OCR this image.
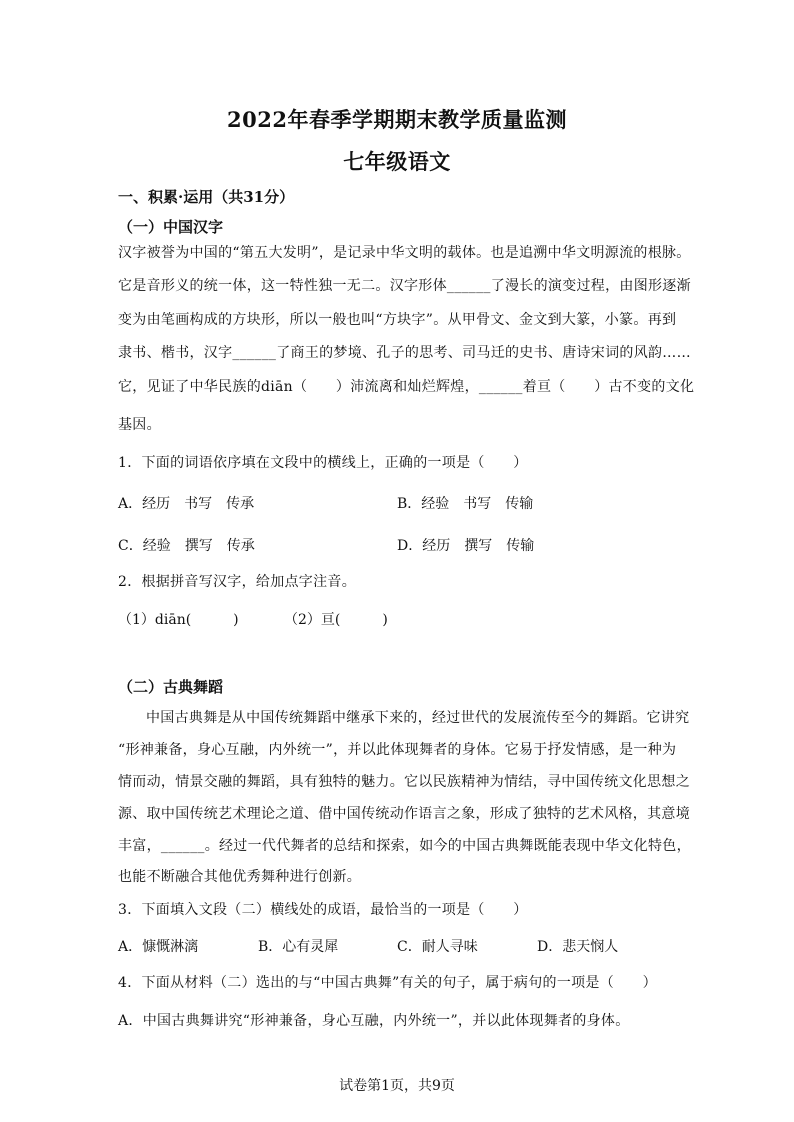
2022年春季学期期末教学质量监测
七年级语文
一、积累·运用（共31分）
（一）中国汉字
汉字被誉为中国的“第五大发明”，是记录中华文明的载体。也是追溯中华文明源流的根脉。
它是音形义的统一体，这一特性独一无二。汉字形体______了漫长的演变过程，由图形逐渐
变为由笔画构成的方块形，所以一般也叫“方块字”。从甲骨文、金文到大篆，小篆。再到
隶书、楷书，汉字______了商王的梦境、孔子的思考、司马迁的史书、唐诗宋词的风韵……
它，见证了中华民族的diān（　　）沛流离和灿烂辉煌，______着亘（　　）古不变的文化
基因。
1．下面的词语依序填在文段中的横线上，正确的一项是（　　）
A．经历　书写　传承	B．经验　书写　传输
C．经验　撰写　传承	D．经历　撰写　传输
2．根据拼音写汉字，给加点字注音。
（1）diān(　　　)	（2）亘(　　　)
（二）古典舞蹈
中国古典舞是从中国传统舞蹈中继承下来的，经过世代的发展流传至今的舞蹈。它讲究
“形神兼备，身心互融，内外统一”，并以此体现舞者的身体。它易于抒发情感，是一种为
情而动，情景交融的舞蹈，具有独特的魅力。它以民族精神为情结，寻中国传统文化思想之
源、取中国传统艺术理论之道、借中国传统动作语言之象，形成了独特的艺术风格，其意境
丰富，______。经过一代代舞者的总结和探索，如今的中国古典舞既能表现中华文化特色，
也能不断融合其他优秀舞种进行创新。
3．下面填入文段（二）横线处的成语，最恰当的一项是（　　）
A．慷慨淋漓	B．心有灵犀	C．耐人寻味	D．悲天悯人
4．下面从材料（二）选出的与“中国古典舞”有关的句子，属于病句的一项是（　　）
A．中国古典舞讲究“形神兼备，身心互融，内外统一”，并以此体现舞者的身体。
试卷第1页，共9页
